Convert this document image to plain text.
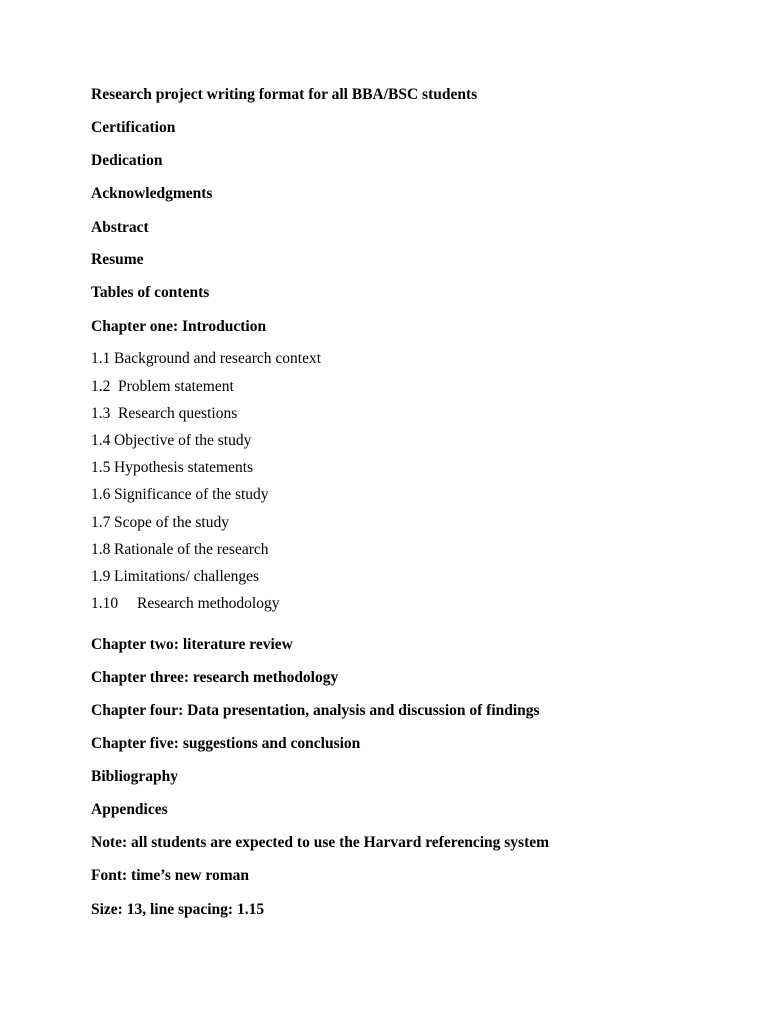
Research project writing format for all BBA/BSC students
Certification
Dedication
Acknowledgments
Abstract
Resume
Tables of contents
Chapter one: Introduction
1.1 Background and research context
1.2 Problem statement
1.3 Research questions
1.4 Objective of the study
1.5 Hypothesis statements
1.6 Significance of the study
1.7 Scope of the study
1.8 Rationale of the research
1.9 Limitations/ challenges
1.10 Research methodology
Chapter two: literature review
Chapter three: research methodology
Chapter four: Data presentation, analysis and discussion of findings
Chapter five: suggestions and conclusion
Bibliography
Appendices
Note: all students are expected to use the Harvard referencing system
Font: time’s new roman
Size: 13, line spacing: 1.15
